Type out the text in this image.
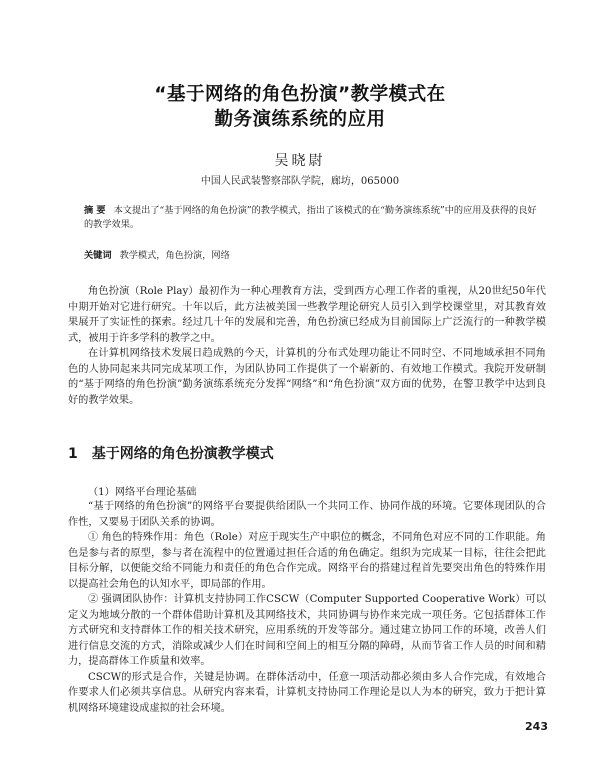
“基于网络的角色扮演”教学模式在
勤务演练系统的应用
吴晓尉
中国人民武装警察部队学院，廊坊，065000
摘 要 本文提出了“基于网络的角色扮演”的教学模式，指出了该模式的在“勤务演练系统”中的应用及获得的良好的教学效果。
关键词 教学模式，角色扮演，网络

角色扮演（Role Play）最初作为一种心理教育方法，受到西方心理工作者的重视，从20世纪50年代中期开始对它进行研究。十年以后，此方法被美国一些教学理论研究人员引入到学校课堂里，对其教育效果展开了实证性的探索。经过几十年的发展和完善，角色扮演已经成为目前国际上广泛流行的一种教学模式，被用于许多学科的教学之中。

在计算机网络技术发展日趋成熟的今天，计算机的分布式处理功能让不同时空、不同地域承担不同角色的人协同起来共同完成某项工作，为团队协同工作提供了一个崭新的、有效地工作模式。我院开发研制的“基于网络的角色扮演”勤务演练系统充分发挥“网络”和“角色扮演”双方面的优势，在警卫教学中达到良好的教学效果。

1 基于网络的角色扮演教学模式
（1）网络平台理论基础

“基于网络的角色扮演”的网络平台要提供给团队一个共同工作、协同作战的环境。它要体现团队的合作性，又要易于团队关系的协调。

① 角色的特殊作用：角色（Role）对应于现实生产中职位的概念，不同角色对应不同的工作职能。角色是参与者的原型，参与者在流程中的位置通过担任合适的角色确定。组织为完成某一目标，往往会把此目标分解，以便能交给不同能力和责任的角色合作完成。网络平台的搭建过程首先要突出角色的特殊作用以提高社会角色的认知水平，即局部的作用。

② 强调团队协作：计算机支持协同工作CSCW（Computer Supported Cooperative Work）可以定义为地域分散的一个群体借助计算机及其网络技术，共同协调与协作来完成一项任务。它包括群体工作方式研究和支持群体工作的相关技术研究，应用系统的开发等部分。通过建立协同工作的环境，改善人们进行信息交流的方式，消除或减少人们在时间和空间上的相互分隔的障碍，从而节省工作人员的时间和精力，提高群体工作质量和效率。

CSCW的形式是合作，关键是协调。在群体活动中，任意一项活动都必须由多人合作完成，有效地合作要求人们必须共享信息。从研究内容来看，计算机支持协同工作理论是以人为本的研究，致力于把计算机网络环境建设成虚拟的社会环境。

243
